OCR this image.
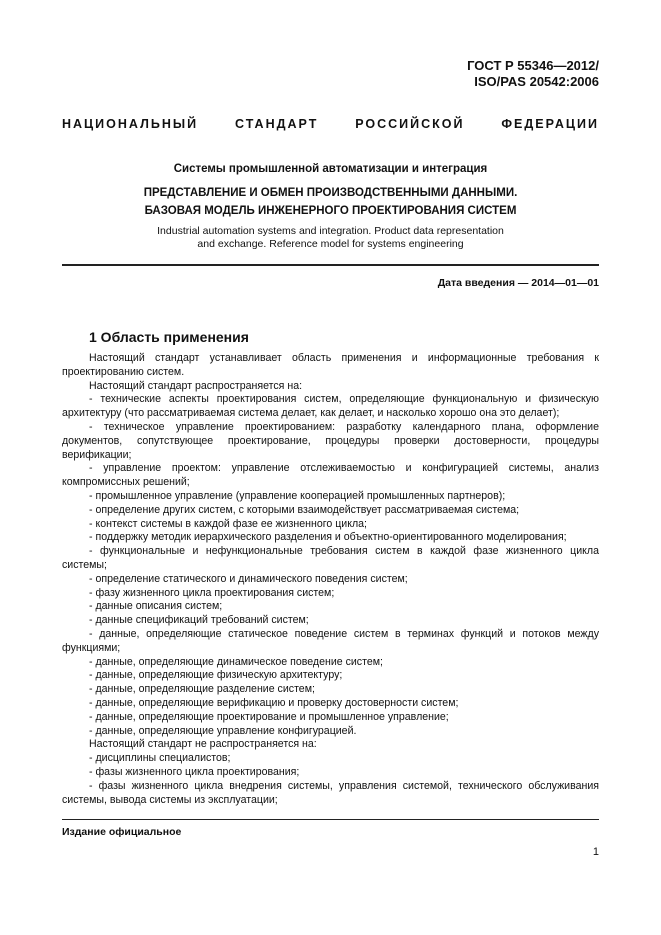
ГОСТ Р 55346—2012/
ISO/PAS 20542:2006
НАЦИОНАЛЬНЫЙ СТАНДАРТ РОССИЙСКОЙ ФЕДЕРАЦИИ
Системы промышленной автоматизации и интеграция
ПРЕДСТАВЛЕНИЕ И ОБМЕН ПРОИЗВОДСТВЕННЫМИ ДАННЫМИ.
БАЗОВАЯ МОДЕЛЬ ИНЖЕНЕРНОГО ПРОЕКТИРОВАНИЯ СИСТЕМ
Industrial automation systems and integration. Product data representation
and exchange. Reference model for systems engineering
Дата введения — 2014—01—01
1 Область применения

Настоящий стандарт устанавливает область применения и информационные требования к проектированию систем.

Настоящий стандарт распространяется на:

- технические аспекты проектирования систем, определяющие функциональную и физическую архитектуру (что рассматриваемая система делает, как делает, и насколько хорошо она это делает);

- техническое управление проектированием: разработку календарного плана, оформление документов, сопутствующее проектирование, процедуры проверки достоверности, процедуры верификации;

- управление проектом: управление отслеживаемостью и конфигурацией системы, анализ компромиссных решений;

- промышленное управление (управление кооперацией промышленных партнеров);

- определение других систем, с которыми взаимодействует рассматриваемая система;

- контекст системы в каждой фазе ее жизненного цикла;

- поддержку методик иерархического разделения и объектно-ориентированного моделирования;

- функциональные и нефункциональные требования систем в каждой фазе жизненного цикла системы;

- определение статического и динамического поведения систем;

- фазу жизненного цикла проектирования систем;

- данные описания систем;

- данные спецификаций требований систем;

- данные, определяющие статическое поведение систем в терминах функций и потоков между функциями;

- данные, определяющие динамическое поведение систем;

- данные, определяющие физическую архитектуру;

- данные, определяющие разделение систем;

- данные, определяющие верификацию и проверку достоверности систем;

- данные, определяющие проектирование и промышленное управление;

- данные, определяющие управление конфигурацией.

Настоящий стандарт не распространяется на:

- дисциплины специалистов;

- фазы жизненного цикла проектирования;

- фазы жизненного цикла внедрения системы, управления системой, технического обслуживания системы, вывода системы из эксплуатации;

Издание официальное
1
